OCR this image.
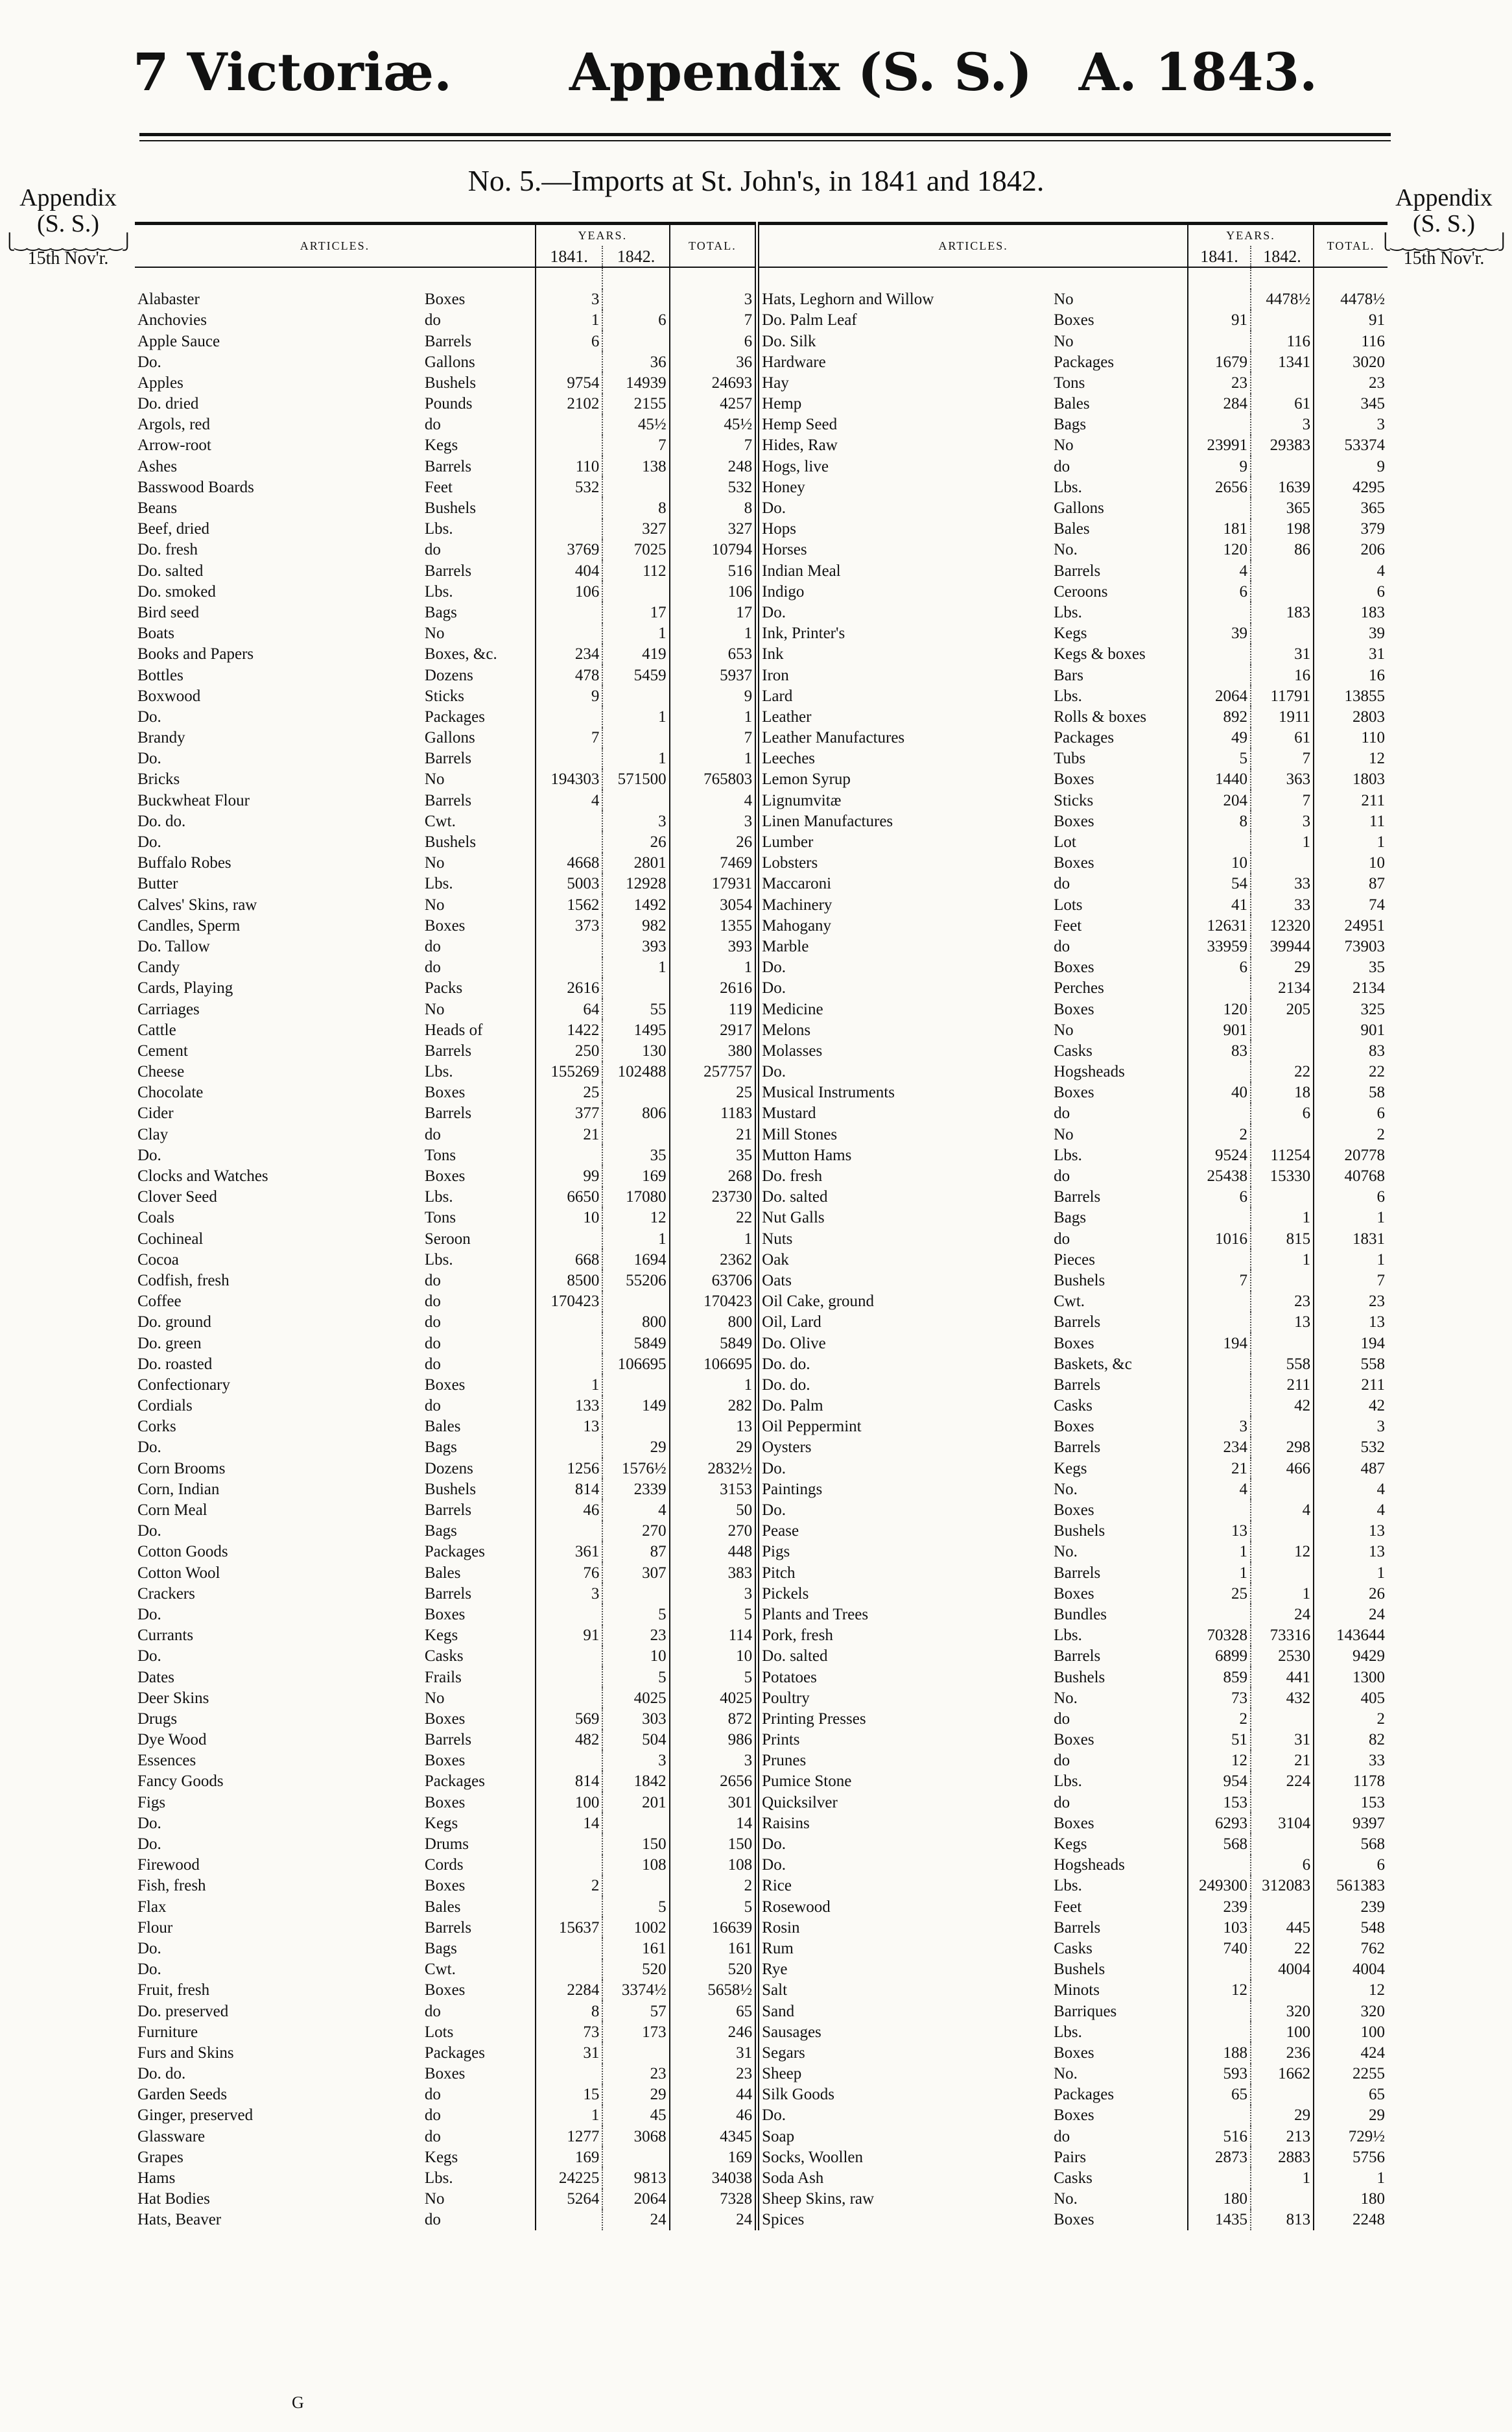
7 Victoriæ. Appendix (S. S.) A. 1843.
Appendix
(S. S.)
⎩‿‿‿‿‿‿‿‿‿⎭
15th Nov'r.
Appendix
(S. S.)
⎩‿‿‿‿‿‿‿‿‿⎭
15th Nov'r.
No. 5.—Imports at St. John's, in 1841 and 1842.
ARTICLES.		YEARS.		TOTAL.	ARTICLES.		YEARS.		TOTAL.
		1841.	1842.				1841.	1842.	

Alabaster	Boxes	3		3	Hats, Leghorn and Willow	No		4478½	4478½
Anchovies	do	1	6	7	Do. Palm Leaf	Boxes	91		91
Apple Sauce	Barrels	6		6	Do. Silk	No		116	116
Do.	Gallons		36	36	Hardware	Packages	1679	1341	3020
Apples	Bushels	9754	14939	24693	Hay	Tons	23		23
Do. dried	Pounds	2102	2155	4257	Hemp	Bales	284	61	345
Argols, red	do		45½	45½	Hemp Seed	Bags		3	3
Arrow-root	Kegs		7	7	Hides, Raw	No	23991	29383	53374
Ashes	Barrels	110	138	248	Hogs, live	do	9		9
Basswood Boards	Feet	532		532	Honey	Lbs.	2656	1639	4295
Beans	Bushels		8	8	Do.	Gallons		365	365
Beef, dried	Lbs.		327	327	Hops	Bales	181	198	379
Do. fresh	do	3769	7025	10794	Horses	No.	120	86	206
Do. salted	Barrels	404	112	516	Indian Meal	Barrels	4		4
Do. smoked	Lbs.	106		106	Indigo	Ceroons	6		6
Bird seed	Bags		17	17	Do.	Lbs.		183	183
Boats	No		1	1	Ink, Printer's	Kegs	39		39
Books and Papers	Boxes, &c.	234	419	653	Ink	Kegs & boxes		31	31
Bottles	Dozens	478	5459	5937	Iron	Bars		16	16
Boxwood	Sticks	9		9	Lard	Lbs.	2064	11791	13855
Do.	Packages		1	1	Leather	Rolls & boxes	892	1911	2803
Brandy	Gallons	7		7	Leather Manufactures	Packages	49	61	110
Do.	Barrels		1	1	Leeches	Tubs	5	7	12
Bricks	No	194303	571500	765803	Lemon Syrup	Boxes	1440	363	1803
Buckwheat Flour	Barrels	4		4	Lignumvitæ	Sticks	204	7	211
Do. do.	Cwt.		3	3	Linen Manufactures	Boxes	8	3	11
Do.	Bushels		26	26	Lumber	Lot		1	1
Buffalo Robes	No	4668	2801	7469	Lobsters	Boxes	10		10
Butter	Lbs.	5003	12928	17931	Maccaroni	do	54	33	87
Calves' Skins, raw	No	1562	1492	3054	Machinery	Lots	41	33	74
Candles, Sperm	Boxes	373	982	1355	Mahogany	Feet	12631	12320	24951
Do. Tallow	do		393	393	Marble	do	33959	39944	73903
Candy	do		1	1	Do.	Boxes	6	29	35
Cards, Playing	Packs	2616		2616	Do.	Perches		2134	2134
Carriages	No	64	55	119	Medicine	Boxes	120	205	325
Cattle	Heads of	1422	1495	2917	Melons	No	901		901
Cement	Barrels	250	130	380	Molasses	Casks	83		83
Cheese	Lbs.	155269	102488	257757	Do.	Hogsheads		22	22
Chocolate	Boxes	25		25	Musical Instruments	Boxes	40	18	58
Cider	Barrels	377	806	1183	Mustard	do		6	6
Clay	do	21		21	Mill Stones	No	2		2
Do.	Tons		35	35	Mutton Hams	Lbs.	9524	11254	20778
Clocks and Watches	Boxes	99	169	268	Do. fresh	do	25438	15330	40768
Clover Seed	Lbs.	6650	17080	23730	Do. salted	Barrels	6		6
Coals	Tons	10	12	22	Nut Galls	Bags		1	1
Cochineal	Seroon		1	1	Nuts	do	1016	815	1831
Cocoa	Lbs.	668	1694	2362	Oak	Pieces		1	1
Codfish, fresh	do	8500	55206	63706	Oats	Bushels	7		7
Coffee	do	170423		170423	Oil Cake, ground	Cwt.		23	23
Do. ground	do		800	800	Oil, Lard	Barrels		13	13
Do. green	do		5849	5849	Do. Olive	Boxes	194		194
Do. roasted	do		106695	106695	Do. do.	Baskets, &c		558	558
Confectionary	Boxes	1		1	Do. do.	Barrels		211	211
Cordials	do	133	149	282	Do. Palm	Casks		42	42
Corks	Bales	13		13	Oil Peppermint	Boxes	3		3
Do.	Bags		29	29	Oysters	Barrels	234	298	532
Corn Brooms	Dozens	1256	1576½	2832½	Do.	Kegs	21	466	487
Corn, Indian	Bushels	814	2339	3153	Paintings	No.	4		4
Corn Meal	Barrels	46	4	50	Do.	Boxes		4	4
Do.	Bags		270	270	Pease	Bushels	13		13
Cotton Goods	Packages	361	87	448	Pigs	No.	1	12	13
Cotton Wool	Bales	76	307	383	Pitch	Barrels	1		1
Crackers	Barrels	3		3	Pickels	Boxes	25	1	26
Do.	Boxes		5	5	Plants and Trees	Bundles		24	24
Currants	Kegs	91	23	114	Pork, fresh	Lbs.	70328	73316	143644
Do.	Casks		10	10	Do. salted	Barrels	6899	2530	9429
Dates	Frails		5	5	Potatoes	Bushels	859	441	1300
Deer Skins	No		4025	4025	Poultry	No.	73	432	405
Drugs	Boxes	569	303	872	Printing Presses	do	2		2
Dye Wood	Barrels	482	504	986	Prints	Boxes	51	31	82
Essences	Boxes		3	3	Prunes	do	12	21	33
Fancy Goods	Packages	814	1842	2656	Pumice Stone	Lbs.	954	224	1178
Figs	Boxes	100	201	301	Quicksilver	do	153		153
Do.	Kegs	14		14	Raisins	Boxes	6293	3104	9397
Do.	Drums		150	150	Do.	Kegs	568		568
Firewood	Cords		108	108	Do.	Hogsheads		6	6
Fish, fresh	Boxes	2		2	Rice	Lbs.	249300	312083	561383
Flax	Bales		5	5	Rosewood	Feet	239		239
Flour	Barrels	15637	1002	16639	Rosin	Barrels	103	445	548
Do.	Bags		161	161	Rum	Casks	740	22	762
Do.	Cwt.		520	520	Rye	Bushels		4004	4004
Fruit, fresh	Boxes	2284	3374½	5658½	Salt	Minots	12		12
Do. preserved	do	8	57	65	Sand	Barriques		320	320
Furniture	Lots	73	173	246	Sausages	Lbs.		100	100
Furs and Skins	Packages	31		31	Segars	Boxes	188	236	424
Do. do.	Boxes		23	23	Sheep	No.	593	1662	2255
Garden Seeds	do	15	29	44	Silk Goods	Packages	65		65
Ginger, preserved	do	1	45	46	Do.	Boxes		29	29
Glassware	do	1277	3068	4345	Soap	do	516	213	729½
Grapes	Kegs	169		169	Socks, Woollen	Pairs	2873	2883	5756
Hams	Lbs.	24225	9813	34038	Soda Ash	Casks		1	1
Hat Bodies	No	5264	2064	7328	Sheep Skins, raw	No.	180		180
Hats, Beaver	do		24	24	Spices	Boxes	1435	813	2248
G
